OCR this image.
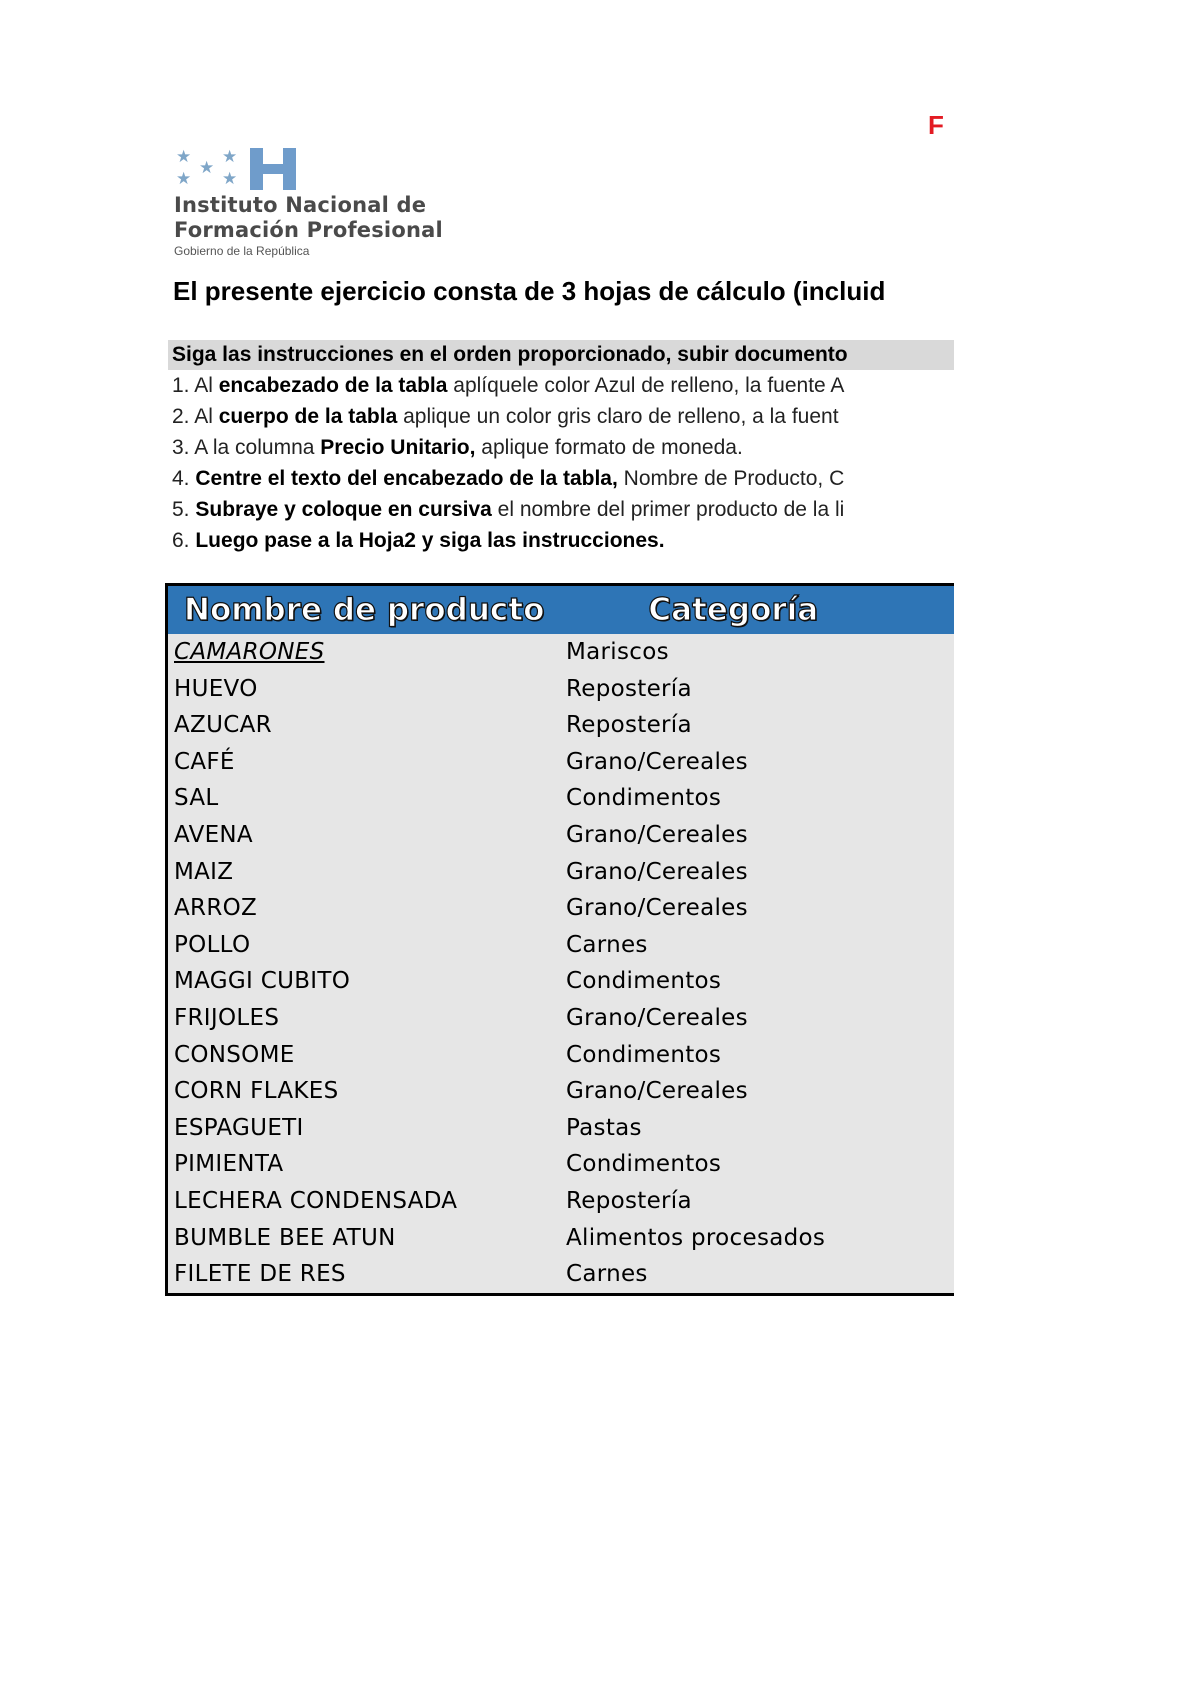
F
★ ★
★
★ ★
Instituto Nacional de
Formación Profesional
Gobierno de la República
El presente ejercicio consta de 3 hojas de cálculo (incluid
Siga las instrucciones en el orden proporcionado, subir documento
1. Al encabezado de la tabla aplíquele color Azul de relleno, la fuente A
2. Al cuerpo de la tabla aplique un color gris claro de relleno, a la fuent
3. A la columna Precio Unitario, aplique formato de moneda.
4. Centre el texto del encabezado de la tabla, Nombre de Producto, C
5. Subraye y coloque en cursiva el nombre del primer producto de la li
6. Luego pase a la Hoja2 y siga las instrucciones.
Nombre de producto	Categoría
CAMARONES	Mariscos
HUEVO	Repostería
AZUCAR	Repostería
CAFÉ	Grano/Cereales
SAL	Condimentos
AVENA	Grano/Cereales
MAIZ	Grano/Cereales
ARROZ	Grano/Cereales
POLLO	Carnes
MAGGI CUBITO	Condimentos
FRIJOLES	Grano/Cereales
CONSOME	Condimentos
CORN FLAKES	Grano/Cereales
ESPAGUETI	Pastas
PIMIENTA	Condimentos
LECHERA CONDENSADA	Repostería
BUMBLE BEE ATUN	Alimentos procesados
FILETE DE RES	Carnes
